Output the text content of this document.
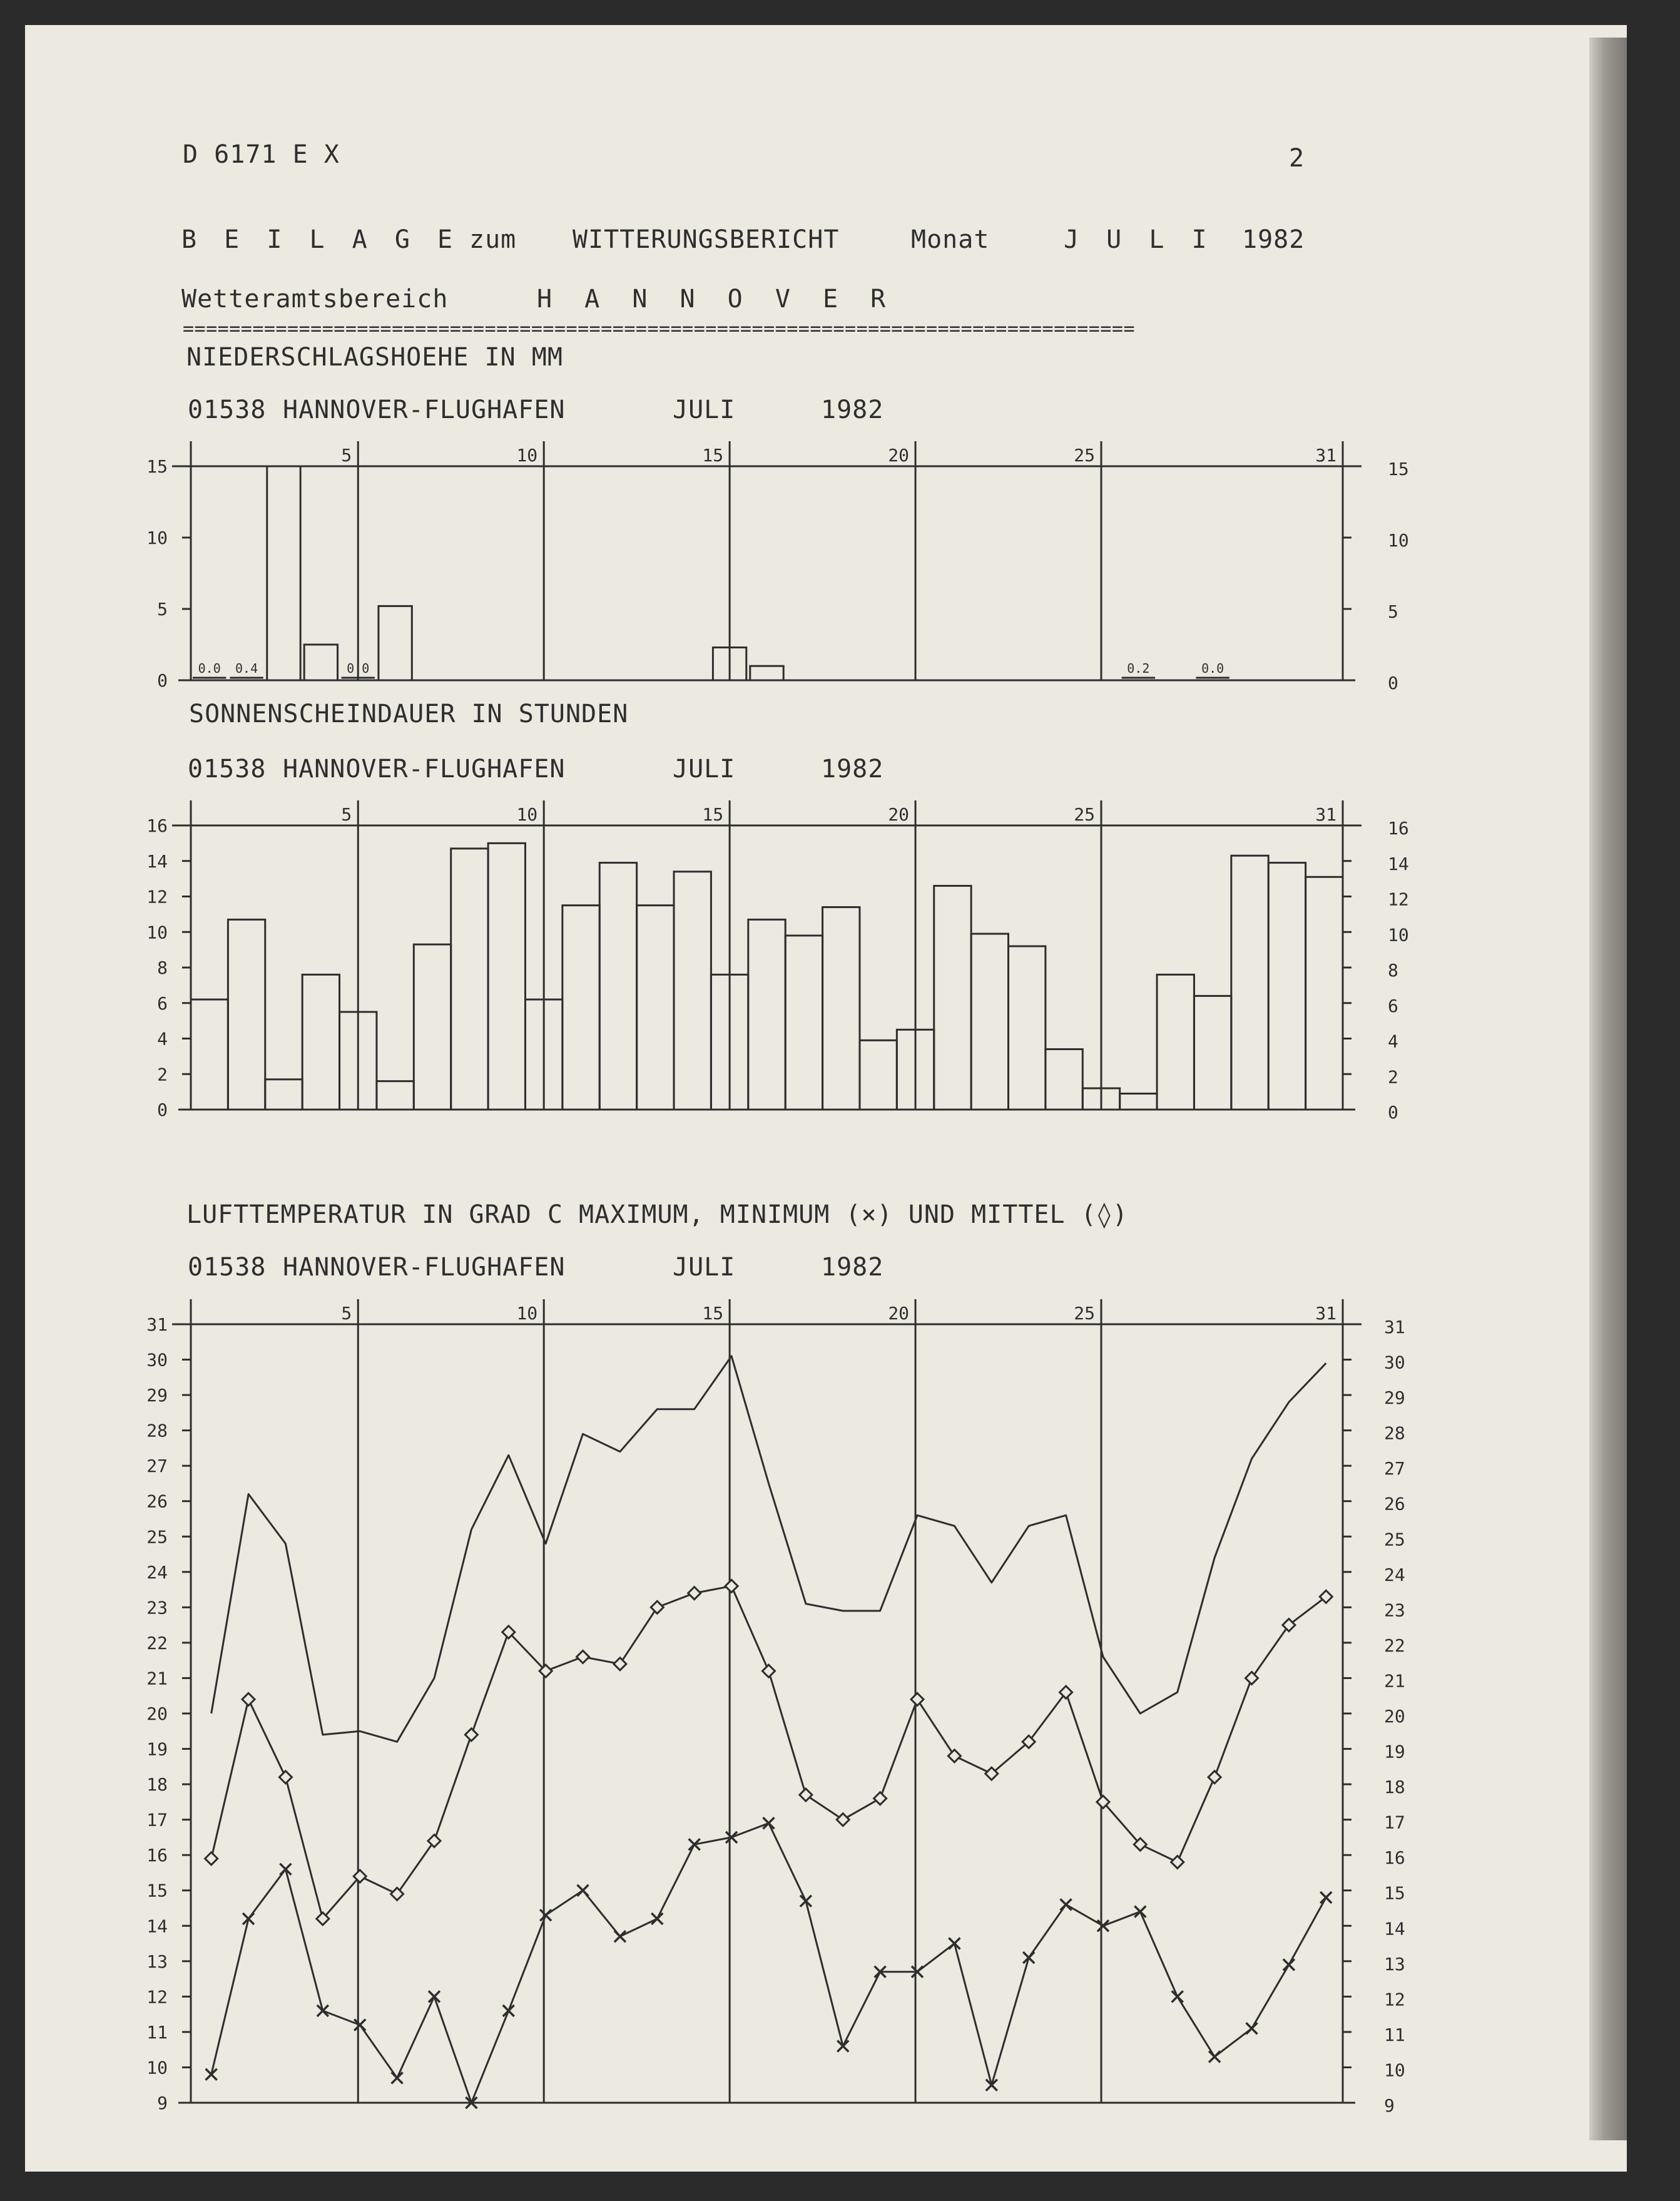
D 6171 E X	2
B E I L A G E zum WITTERUNGSBERICHT	Monat	J U L I 1982
Wetteramtsbereich	H A N N O V E R
==================================================================================
NIEDERSCHLAGSHOEHE IN MM
01538 HANNOVER-FLUGHAFEN	JULI	1982
SONNENSCHEINDAUER IN STUNDEN
01538 HANNOVER-FLUGHAFEN	JULI	1982
LUFTTEMPERATUR IN GRAD C MAXIMUM, MINIMUM (×) UND MITTEL (◊)
01538 HANNOVER-FLUGHAFEN	JULI	1982
5	10	15	20	25	31
0	0
5	5
10	10
15	15
0.0 0.4	0.0	0.2	0.0
5	10	15	20	25	31
0	0
2	2
4	4
6	6
8	8
10	10
12	12
14	14
16	16
5	10	15	20	25	31
9	9
10	10
11	11
12	12
13	13
14	14
15	15
16	16
17	17
18	18
19	19
20	20
21	21
22	22
23	23
24	24
25	25
26	26
27	27
28	28
29	29
30	30
31	31
